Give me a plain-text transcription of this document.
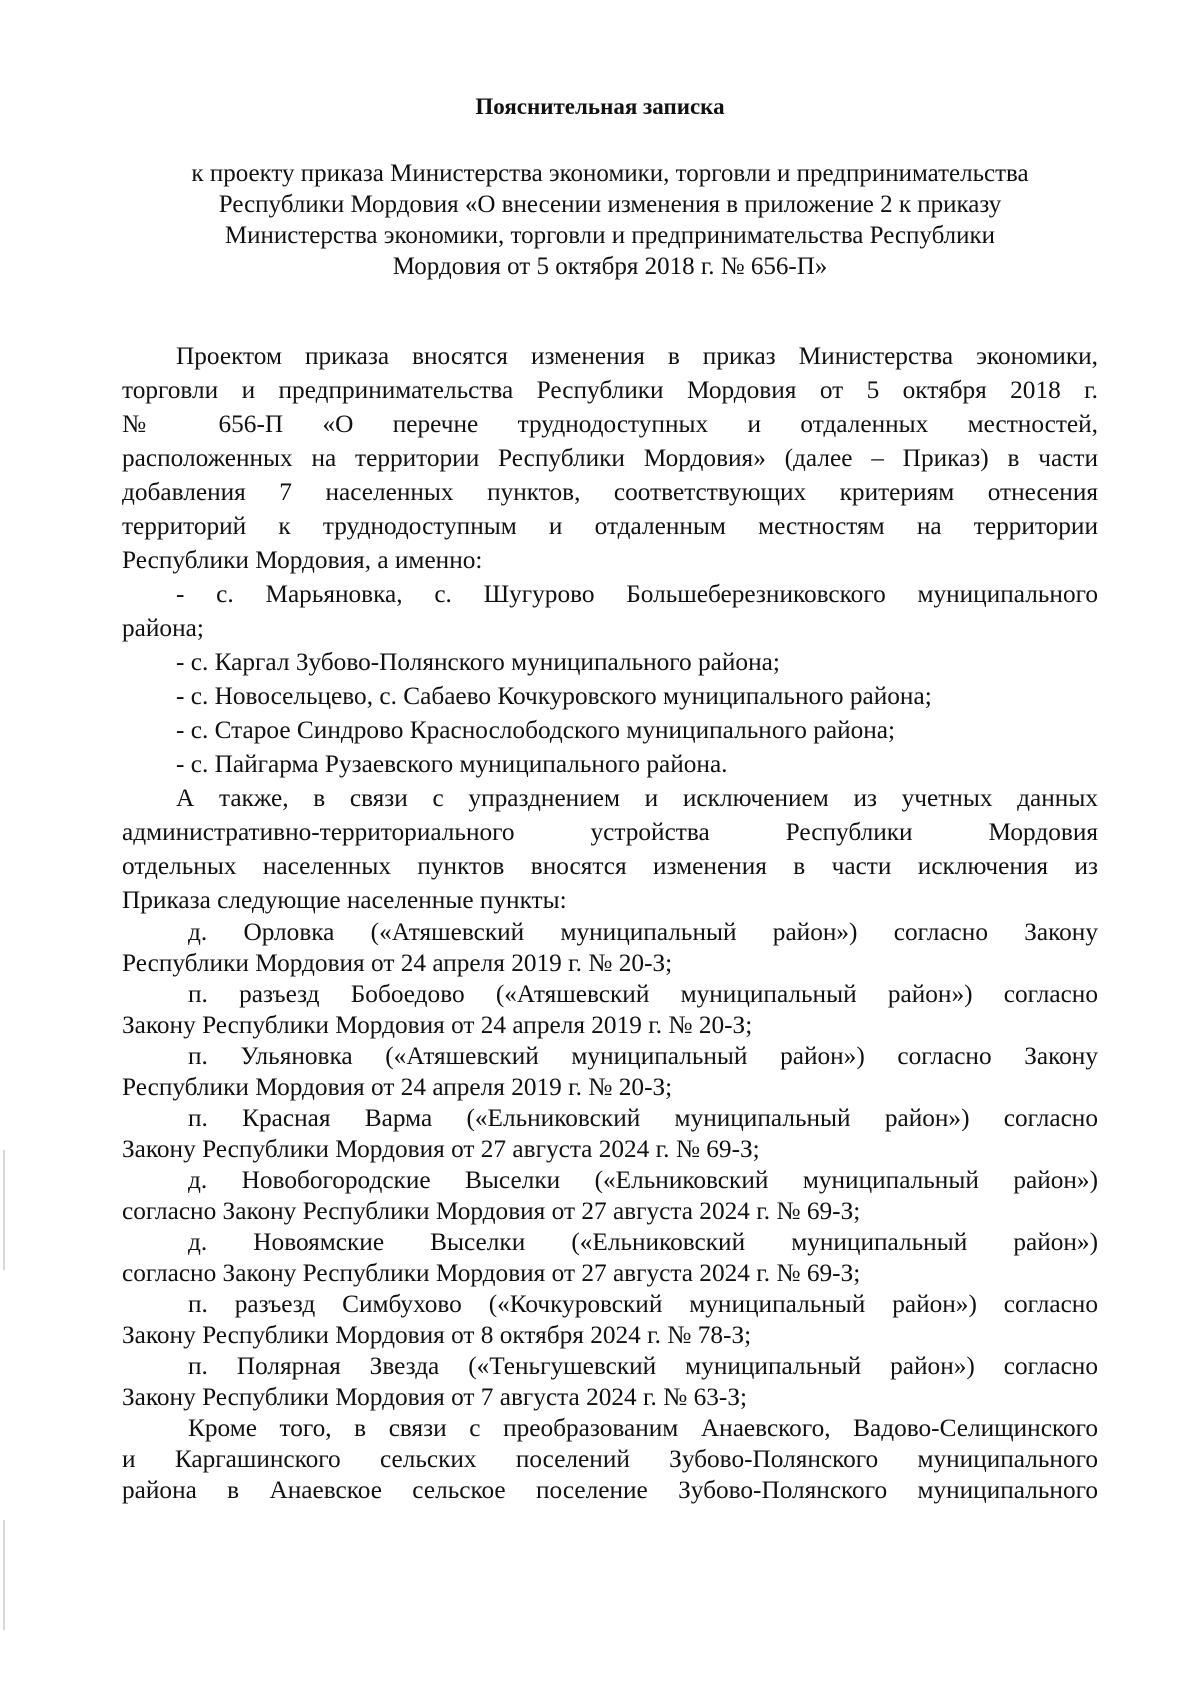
Пояснительная записка
к проекту приказа Министерства экономики, торговли и предпринимательства
Республики Мордовия «О внесении изменения в приложение 2 к приказу
Министерства экономики, торговли и предпринимательства Республики
Мордовия от 5 октября 2018 г. № 656-П»
Проектом приказа вносятся изменения в приказ Министерства экономики,
торговли и предпринимательства Республики Мордовия от 5 октября 2018 г.
№ 656-П «О перечне труднодоступных и отдаленных местностей,
расположенных на территории Республики Мордовия» (далее – Приказ) в части
добавления 7 населенных пунктов, соответствующих критериям отнесения
территорий к труднодоступным и отдаленным местностям на территории
Республики Мордовия, а именно:
- с. Марьяновка, с. Шугурово Большеберезниковского муниципального
района;
- с. Каргал Зубово-Полянского муниципального района;
- с. Новосельцево, с. Сабаево Кочкуровского муниципального района;
- с. Старое Синдрово Краснослободского муниципального района;
- с. Пайгарма Рузаевского муниципального района.
А также, в связи с упразднением и исключением из учетных данных
административно-территориального устройства Республики Мордовия
отдельных населенных пунктов вносятся изменения в части исключения из
Приказа следующие населенные пункты:
д. Орловка («Атяшевский муниципальный район») согласно Закону
Республики Мордовия от 24 апреля 2019 г. № 20-З;
п. разъезд Бобоедово («Атяшевский муниципальный район») согласно
Закону Республики Мордовия от 24 апреля 2019 г. № 20-З;
п. Ульяновка («Атяшевский муниципальный район») согласно Закону
Республики Мордовия от 24 апреля 2019 г. № 20-З;
п. Красная Варма («Ельниковский муниципальный район») согласно
Закону Республики Мордовия от 27 августа 2024 г. № 69-З;
д. Новобогородские Выселки («Ельниковский муниципальный район»)
согласно Закону Республики Мордовия от 27 августа 2024 г. № 69-З;
д. Новоямские Выселки («Ельниковский муниципальный район»)
согласно Закону Республики Мордовия от 27 августа 2024 г. № 69-З;
п. разъезд Симбухово («Кочкуровский муниципальный район») согласно
Закону Республики Мордовия от 8 октября 2024 г. № 78-З;
п. Полярная Звезда («Теньгушевский муниципальный район») согласно
Закону Республики Мордовия от 7 августа 2024 г. № 63-З;
Кроме того, в связи с преобразованим Анаевского, Вадово-Селищинского
и Каргашинского сельских поселений Зубово-Полянского муниципального
района в Анаевское сельское поселение Зубово-Полянского муниципального
